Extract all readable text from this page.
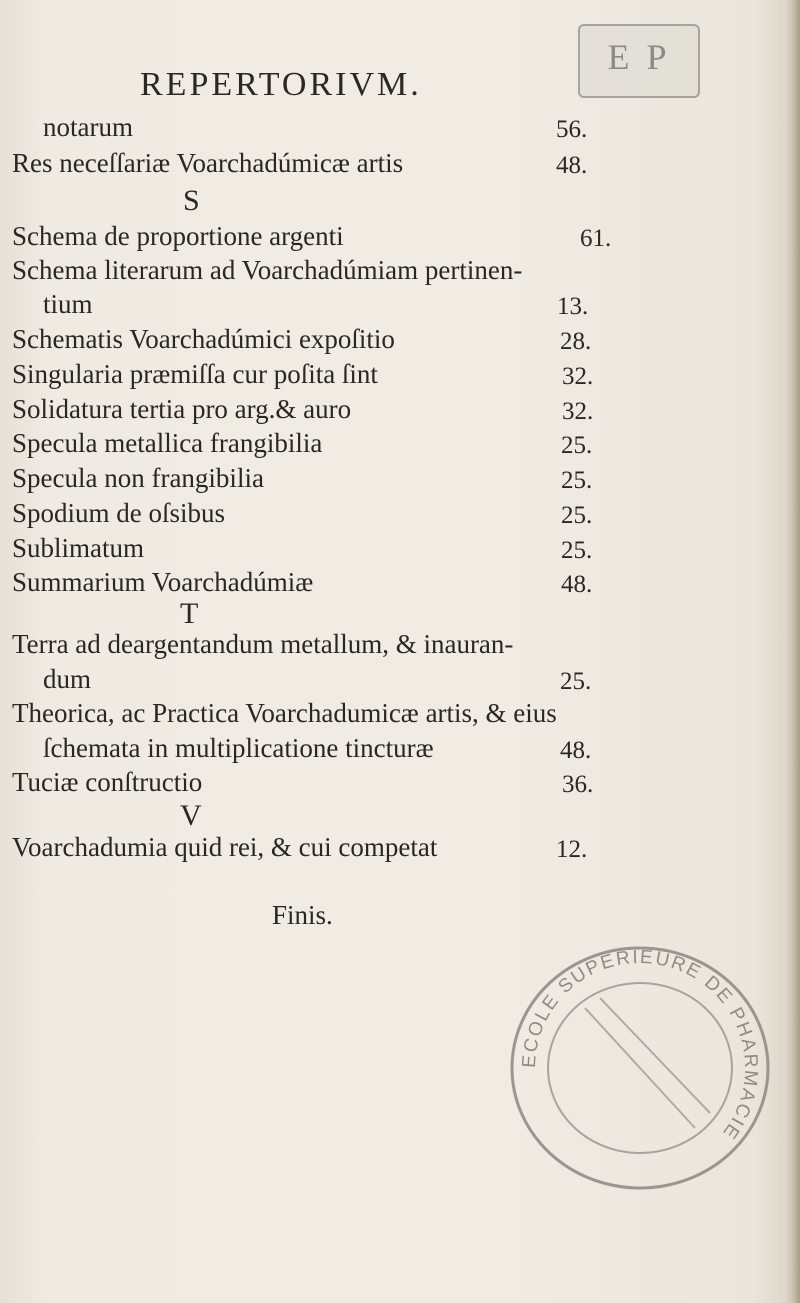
E P
REPERTORIVM.
notarum	56.
Res neceſſariæ Voarchadúmicæ artis	48.
S
Schema de proportione argenti	61.
Schema literarum ad Voarchadúmiam pertinen-
tium	13.
Schematis Voarchadúmici expoſitio	28.
Singularia præmiſſa cur poſita ſint	32.
Solidatura tertia pro arg.& auro	32.
Specula metallica frangibilia	25.
Specula non frangibilia	25.
Spodium de oſsibus	25.
Sublimatum	25.
Summarium Voarchadúmiæ	48.
T
Terra ad deargentandum metallum, & inauran-
dum	25.
Theorica, ac Practica Voarchadumicæ artis, & eius
ſchemata in multiplicatione tincturæ	48.
Tuciæ conſtructio	36.
V
Voarchadumia quid rei, & cui competat	12.
Finis.
ECOLE SUPERIEURE DE PHARMACIE
